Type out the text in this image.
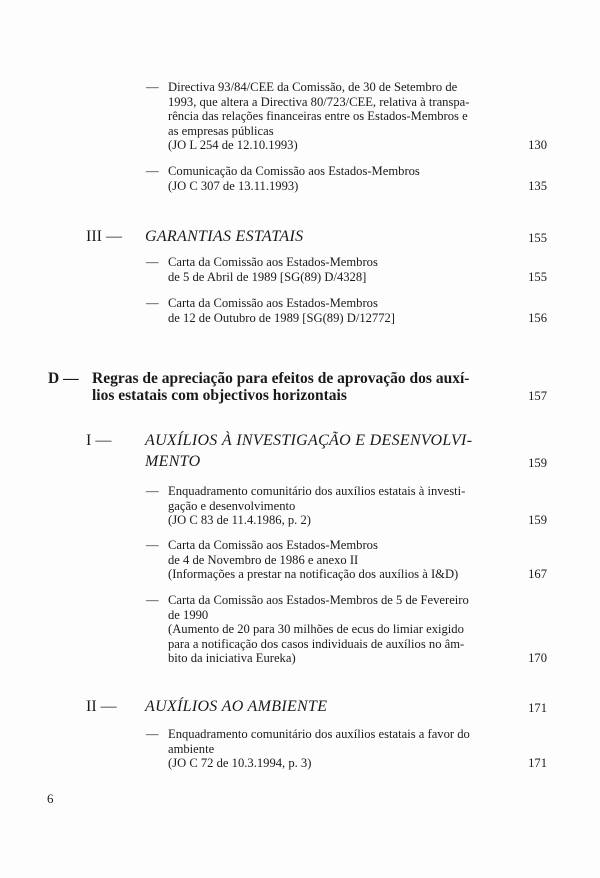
— Directiva 93/84/CEE da Comissão, de 30 de Setembro de
1993, que altera a Directiva 80/723/CEE, relativa à transpa-
rência das relações financeiras entre os Estados-Membros e
as empresas públicas
(JO L 254 de 12.10.1993)	130
— Comunicação da Comissão aos Estados-Membros
(JO C 307 de 13.11.1993)	135
III — GARANTIAS ESTATAIS	155
— Carta da Comissão aos Estados-Membros
de 5 de Abril de 1989 [SG(89) D/4328]	155
— Carta da Comissão aos Estados-Membros
de 12 de Outubro de 1989 [SG(89) D/12772]	156
D — Regras de apreciação para efeitos de aprovação dos auxí-
lios estatais com objectivos horizontais	157
I — AUXÍLIOS À INVESTIGAÇÃO E DESENVOLVI-
MENTO	159
— Enquadramento comunitário dos auxílios estatais à investi-
gação e desenvolvimento
(JO C 83 de 11.4.1986, p. 2)	159
— Carta da Comissão aos Estados-Membros
de 4 de Novembro de 1986 e anexo II
(Informações a prestar na notificação dos auxílios à I&D)	167
— Carta da Comissão aos Estados-Membros de 5 de Fevereiro
de 1990
(Aumento de 20 para 30 milhões de ecus do limiar exigido
para a notificação dos casos individuais de auxílios no âm-
bito da iniciativa Eureka)	170
II — AUXÍLIOS AO AMBIENTE	171
— Enquadramento comunitário dos auxílios estatais a favor do
ambiente
(JO C 72 de 10.3.1994, p. 3)	171
6
